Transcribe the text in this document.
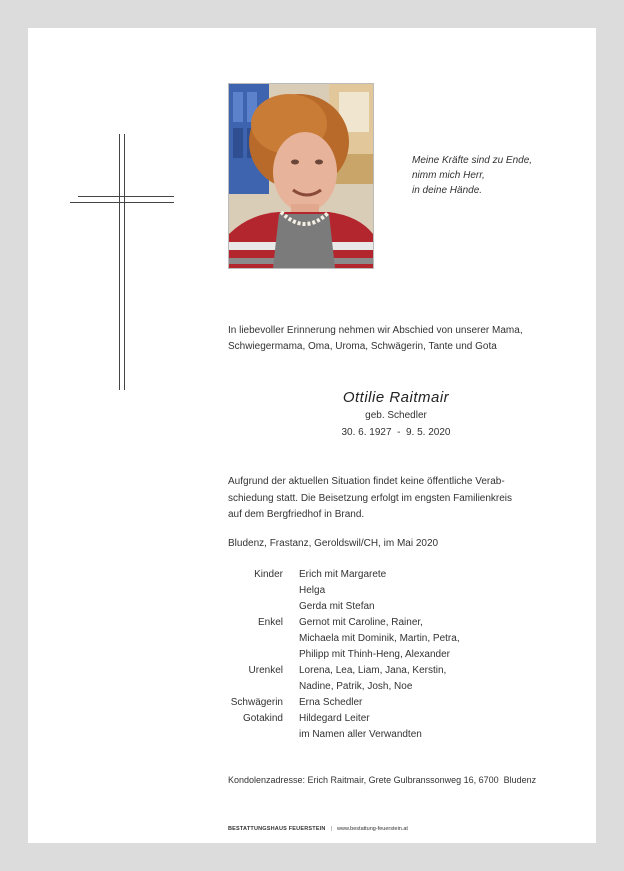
Meine Kräfte sind zu Ende,
nimm mich Herr,
in deine Hände.
In liebevoller Erinnerung nehmen wir Abschied von unserer Mama,
Schwiegermama, Oma, Uroma, Schwägerin, Tante und Gota
Ottilie Raitmair
geb. Schedler
30. 6. 1927  -  9. 5. 2020
Aufgrund der aktuellen Situation findet keine öffentliche Verab-
schiedung statt. Die Beisetzung erfolgt im engsten Familienkreis
auf dem Bergfriedhof in Brand.
Bludenz, Frastanz, Geroldswil/CH, im Mai 2020
Kinder Erich mit Margarete
Helga
Gerda mit Stefan
Enkel Gernot mit Caroline, Rainer,
Michaela mit Dominik, Martin, Petra,
Philipp mit Thinh-Heng, Alexander
Urenkel Lorena, Lea, Liam, Jana, Kerstin,
Nadine, Patrik, Josh, Noe
Schwägerin Erna Schedler
Gotakind Hildegard Leiter
im Namen aller Verwandten
Kondolenzadresse: Erich Raitmair, Grete Gulbranssonweg 16, 6700  Bludenz
BESTATTUNGSHAUS FEUERSTEIN | www.bestattung-feuerstein.at
